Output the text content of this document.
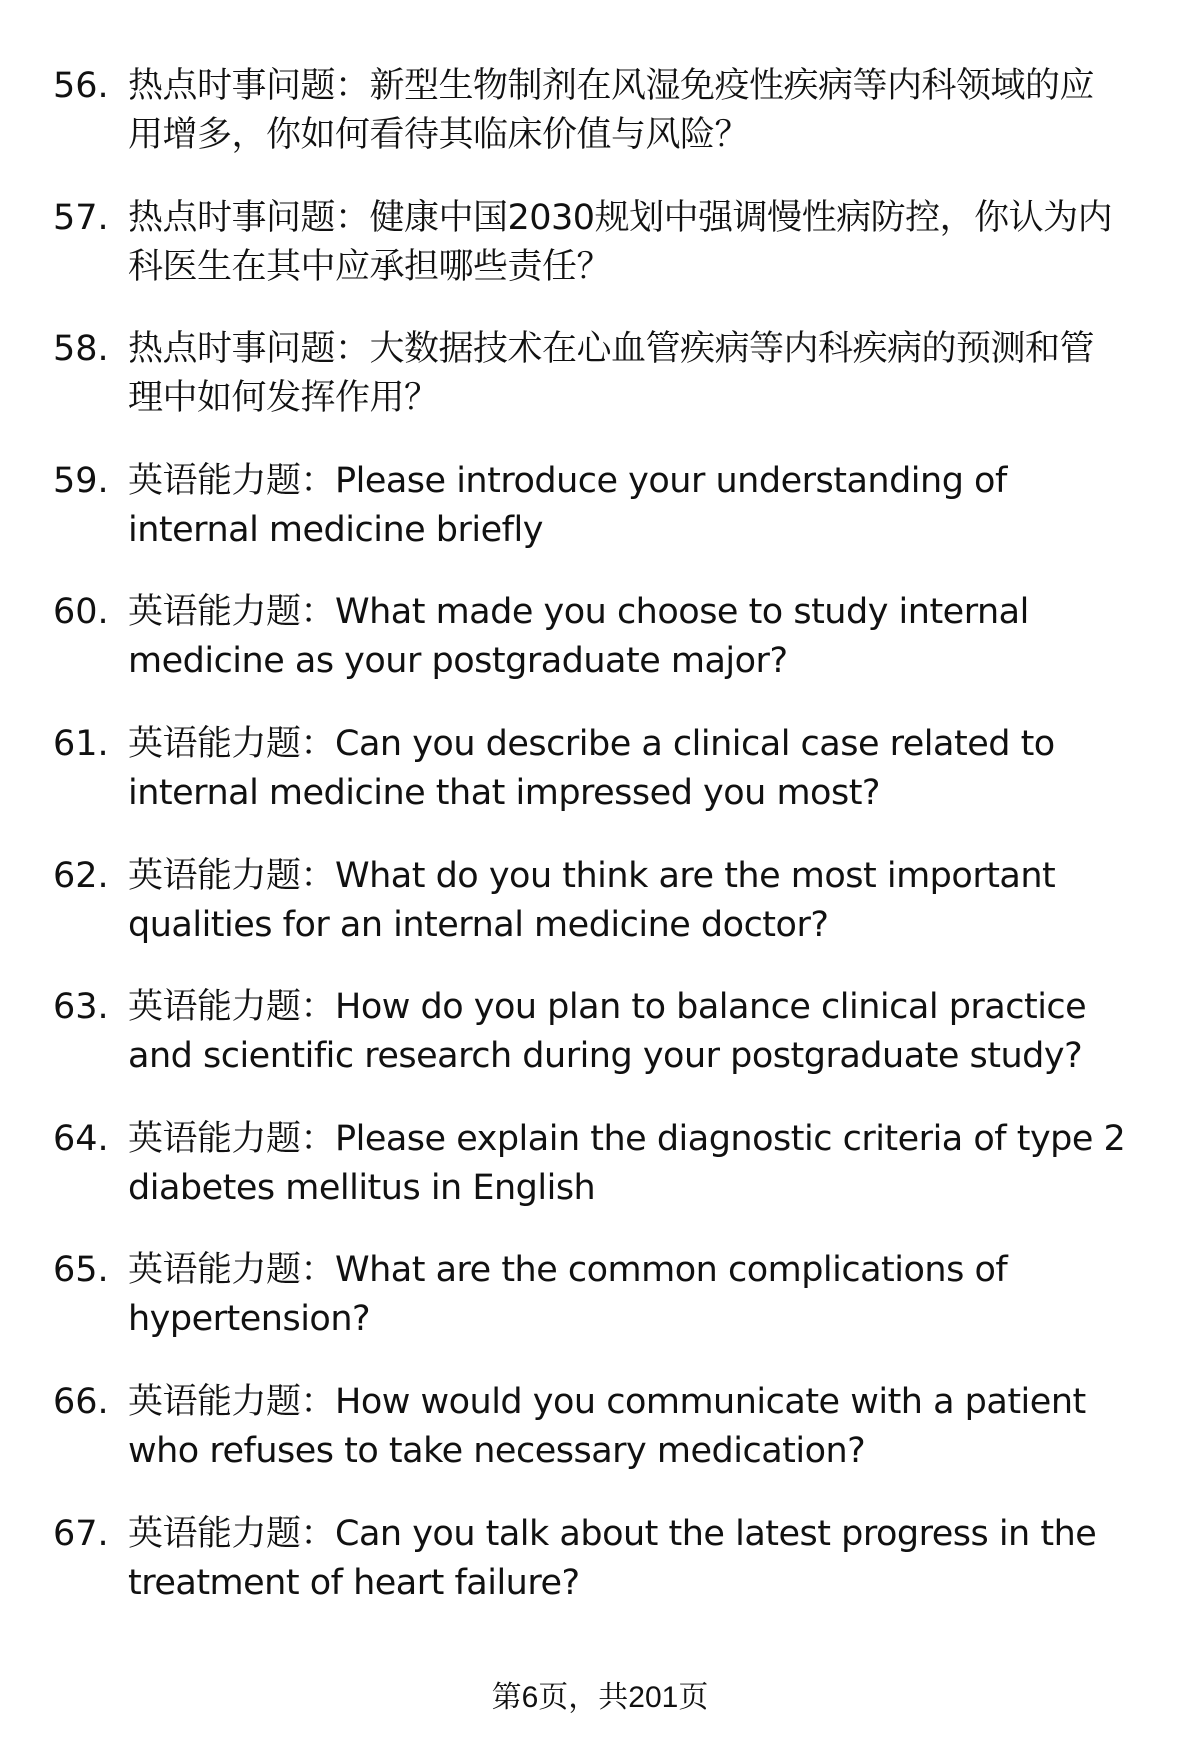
56. 热点时事问题：新型生物制剂在风湿免疫性疾病等内科领域的应
用增多，你如何看待其临床价值与风险？
57. 热点时事问题：健康中国2030规划中强调慢性病防控，你认为内
科医生在其中应承担哪些责任？
58. 热点时事问题：大数据技术在心血管疾病等内科疾病的预测和管
理中如何发挥作用？
59. 英语能力题：Please introduce your understanding of
internal medicine briefly
60. 英语能力题：What made you choose to study internal
medicine as your postgraduate major?
61. 英语能力题：Can you describe a clinical case related to
internal medicine that impressed you most?
62. 英语能力题：What do you think are the most important
qualities for an internal medicine doctor?
63. 英语能力题：How do you plan to balance clinical practice
and scientific research during your postgraduate study?
64. 英语能力题：Please explain the diagnostic criteria of type 2
diabetes mellitus in English
65. 英语能力题：What are the common complications of
hypertension?
66. 英语能力题：How would you communicate with a patient
who refuses to take necessary medication?
67. 英语能力题：Can you talk about the latest progress in the
treatment of heart failure?
第6页，共201页
